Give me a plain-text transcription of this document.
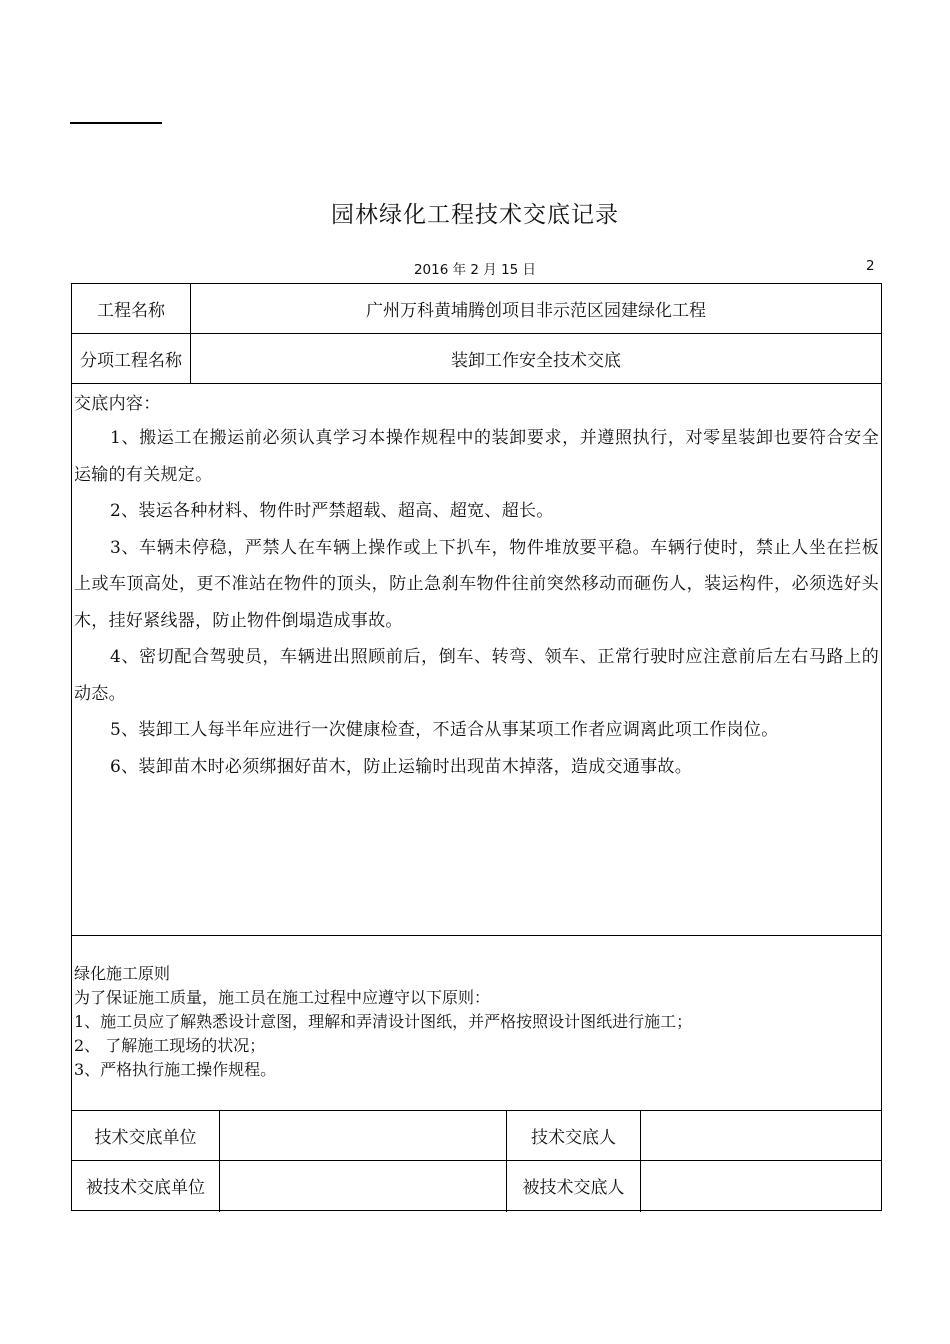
园林绿化工程技术交底记录
2016 年 2 月 15 日	2
工程名称	广州万科黄埔腾创项目非示范区园建绿化工程
分项工程名称	装卸工作安全技术交底

交底内容：

1、搬运工在搬运前必须认真学习本操作规程中的装卸要求，并遵照执行，对零星装卸也要符合安全运输的有关规定。

2、装运各种材料、物件时严禁超载、超高、超宽、超长。

3、车辆未停稳，严禁人在车辆上操作或上下扒车，物件堆放要平稳。车辆行使时，禁止人坐在拦板上或车顶高处，更不准站在物件的顶头，防止急刹车物件往前突然移动而砸伤人，装运构件，必须选好头木，挂好紧线器，防止物件倒塌造成事故。

4、密切配合驾驶员，车辆进出照顾前后，倒车、转弯、领车、正常行驶时应注意前后左右马路上的动态。

5、装卸工人每半年应进行一次健康检查，不适合从事某项工作者应调离此项工作岗位。

6、装卸苗木时必须绑捆好苗木，防止运输时出现苗木掉落，造成交通事故。

绿化施工原则

为了保证施工质量，施工员在施工过程中应遵守以下原则：

1、施工员应了解熟悉设计意图，理解和弄清设计图纸，并严格按照设计图纸进行施工；

2、 了解施工现场的状况；

3、严格执行施工操作规程。

技术交底单位	技术交底人
被技术交底单位	被技术交底人
